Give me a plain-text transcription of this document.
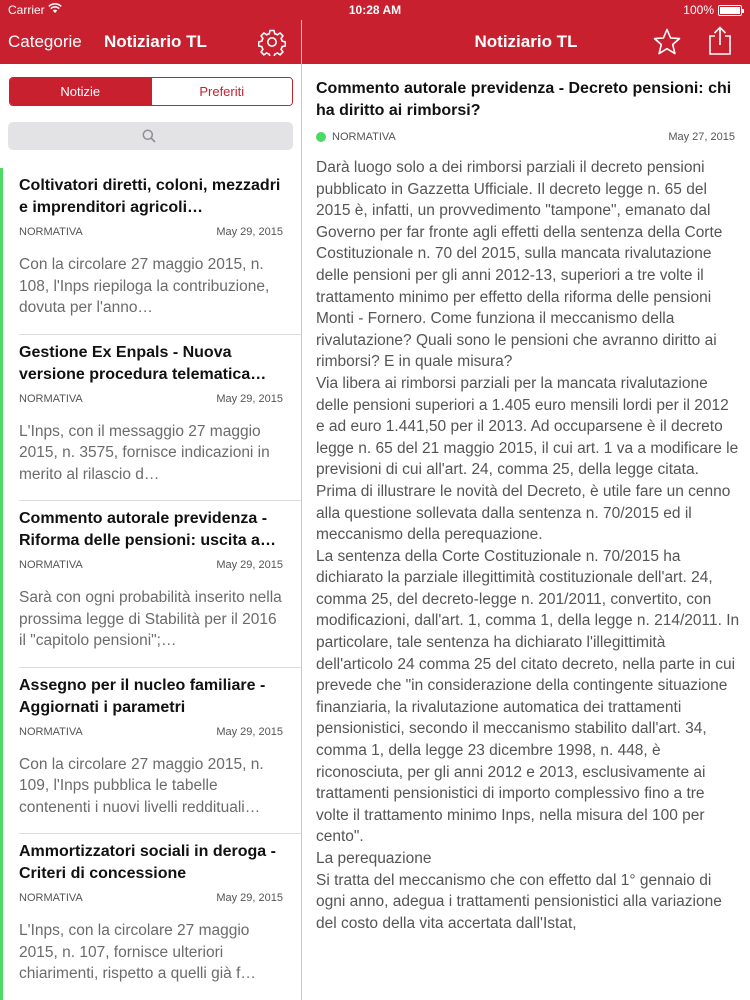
Carrier	10:28 AM	100%
Categorie Notiziario TL	Notiziario TL
Notizie	Preferiti
Coltivatori diretti, coloni, mezzadri e imprenditori agricoli…
NORMATIVA	May 29, 2015
Con la circolare 27 maggio 2015, n. 108, l'Inps riepiloga la contribuzione, dovuta per l'anno…
Gestione Ex Enpals - Nuova versione procedura telematica…
NORMATIVA	May 29, 2015
L'Inps, con il messaggio 27 maggio 2015, n. 3575, fornisce indicazioni in merito al rilascio d…
Commento autorale previdenza - Riforma delle pensioni: uscita a…
NORMATIVA	May 29, 2015
Sarà con ogni probabilità inserito nella prossima legge di Stabilità per il 2016 il "capitolo pensioni";…
Assegno per il nucleo familiare - Aggiornati i parametri
NORMATIVA	May 29, 2015
Con la circolare 27 maggio 2015, n. 109, l'Inps pubblica le tabelle contenenti i nuovi livelli reddituali…
Ammortizzatori sociali in deroga - Criteri di concessione
NORMATIVA	May 29, 2015
L'Inps, con la circolare 27 maggio 2015, n. 107, fornisce ulteriori chiarimenti, rispetto a quelli già f…
Commento autorale previdenza - Decreto pensioni: chi ha diritto ai rimborsi?
NORMATIVA	May 27, 2015
Darà luogo solo a dei rimborsi parziali il decreto pensioni pubblicato in Gazzetta Ufficiale. Il decreto legge n. 65 del 2015 è, infatti, un provvedimento "tampone", emanato dal Governo per far fronte agli effetti della sentenza della Corte Costituzionale n. 70 del 2015, sulla mancata rivalutazione delle pensioni per gli anni 2012-13, superiori a tre volte il trattamento minimo per effetto della riforma delle pensioni Monti - Fornero. Come funziona il meccanismo della rivalutazione? Quali sono le pensioni che avranno diritto ai rimborsi? E in quale misura?
Via libera ai rimborsi parziali per la mancata rivalutazione delle pensioni superiori a 1.405 euro mensili lordi per il 2012 e ad euro 1.441,50 per il 2013. Ad occuparsene è il decreto legge n. 65 del 21 maggio 2015, il cui art. 1 va a modificare le previsioni di cui all'art. 24, comma 25, della legge citata.
Prima di illustrare le novità del Decreto, è utile fare un cenno alla questione sollevata dalla sentenza n. 70/2015 ed il meccanismo della perequazione.
La sentenza della Corte Costituzionale n. 70/2015 ha dichiarato la parziale illegittimità costituzionale dell'art. 24, comma 25, del decreto-legge n. 201/2011, convertito, con modificazioni, dall'art. 1, comma 1, della legge n. 214/2011. In particolare, tale sentenza ha dichiarato l'illegittimità dell'articolo 24 comma 25 del citato decreto, nella parte in cui prevede che "in considerazione della contingente situazione finanziaria, la rivalutazione automatica dei trattamenti pensionistici, secondo il meccanismo stabilito dall'art. 34, comma 1, della legge 23 dicembre 1998, n. 448, è riconosciuta, per gli anni 2012 e 2013, esclusivamente ai trattamenti pensionistici di importo complessivo fino a tre volte il trattamento minimo Inps, nella misura del 100 per cento".
La perequazione
Si tratta del meccanismo che con effetto dal 1° gennaio di ogni anno, adegua i trattamenti pensionistici alla variazione del costo della vita accertata dall'Istat,
